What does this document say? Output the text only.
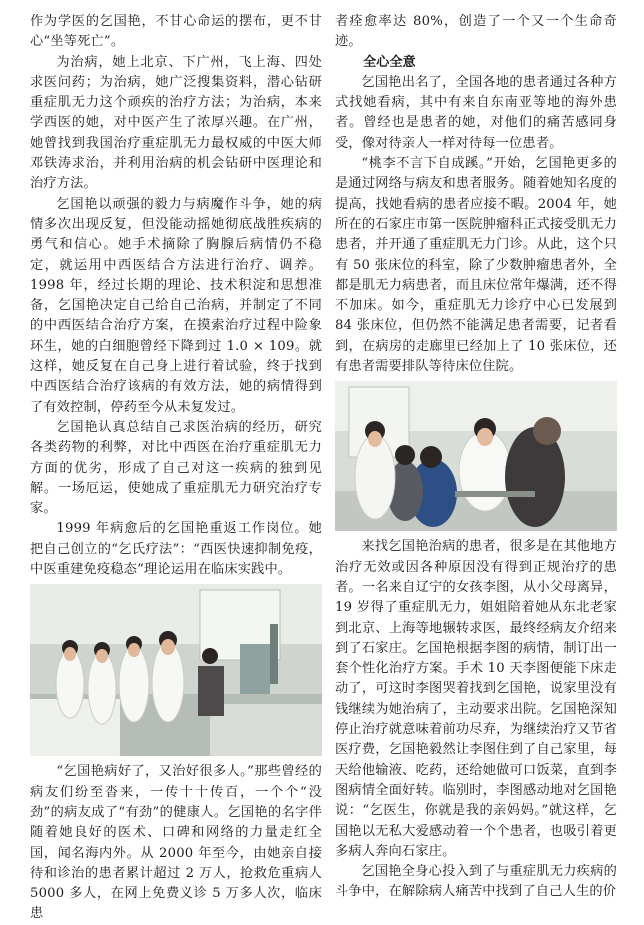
作为学医的乞国艳，不甘心命运的摆布，更不甘心“坐等死亡”。

为治病，她上北京、下广州，飞上海、四处求医问药；为治病，她广泛搜集资料，潜心钻研重症肌无力这个顽疾的治疗方法；为治病，本来学西医的她，对中医产生了浓厚兴趣。在广州，她曾找到我国治疗重症肌无力最权威的中医大师邓铁涛求治，并利用治病的机会钻研中医理论和治疗方法。

乞国艳以顽强的毅力与病魔作斗争，她的病情多次出现反复，但没能动摇她彻底战胜疾病的勇气和信心。她手术摘除了胸腺后病情仍不稳定，就运用中西医结合方法进行治疗、调养。1998 年，经过长期的理论、技术积淀和思想准备，乞国艳决定自己给自己治病，并制定了不同的中西医结合治疗方案，在摸索治疗过程中险象环生，她的白细胞曾经下降到过 1.0 × 109。就这样，她反复在自己身上进行着试验，终于找到中西医结合治疗该病的有效方法，她的病情得到了有效控制，停药至今从未复发过。

乞国艳认真总结自己求医治病的经历，研究各类药物的利弊，对比中西医在治疗重症肌无力方面的优劣，形成了自己对这一疾病的独到见解。一场厄运，使她成了重症肌无力研究治疗专家。

1999 年病愈后的乞国艳重返工作岗位。她把自己创立的“乞氏疗法”：“西医快速抑制免疫，中医重建免疫稳态”理论运用在临床实践中。

“乞国艳病好了，又治好很多人。”那些曾经的病友们纷至沓来，一传十十传百，一个个“没劲”的病友成了“有劲”的健康人。乞国艳的名字伴随着她良好的医术、口碑和网络的力量走红全国，闻名海内外。从 2000 年至今，由她亲自接待和诊治的患者累计超过 2 万人，抢救危重病人 5000 多人，在网上免费义诊 5 万多人次，临床患

者痊愈率达 80%，创造了一个又一个生命奇迹。

全心全意

乞国艳出名了，全国各地的患者通过各种方式找她看病，其中有来自东南亚等地的海外患者。曾经也是患者的她，对他们的痛苦感同身受，像对待亲人一样对待每一位患者。

“桃李不言下自成蹊。”开始，乞国艳更多的是通过网络与病友和患者服务。随着她知名度的提高，找她看病的患者应接不暇。2004 年，她所在的石家庄市第一医院肿瘤科正式接受肌无力患者，并开通了重症肌无力门诊。从此，这个只有 50 张床位的科室，除了少数肿瘤患者外，全都是肌无力病患者，而且床位常年爆满，还不得不加床。如今，重症肌无力诊疗中心已发展到 84 张床位，但仍然不能满足患者需要，记者看到，在病房的走廊里已经加上了 10 张床位，还有患者需要排队等待床位住院。

来找乞国艳治病的患者，很多是在其他地方治疗无效或因各种原因没有得到正规治疗的患者。一名来自辽宁的女孩李图，从小父母离异，19 岁得了重症肌无力，姐姐陪着她从东北老家到北京、上海等地辗转求医，最终经病友介绍来到了石家庄。乞国艳根据李图的病情，制订出一套个性化治疗方案。手术 10 天李图便能下床走动了，可这时李图哭着找到乞国艳，说家里没有钱继续为她治病了，主动要求出院。乞国艳深知停止治疗就意味着前功尽弃，为继续治疗又节省医疗费，乞国艳毅然让李图住到了自己家里，每天给他输液、吃药，还给她做可口饭菜，直到李图病情全面好转。临别时，李图感动地对乞国艳说：“乞医生，你就是我的亲妈妈。”就这样，乞国艳以无私大爱感动着一个个患者，也吸引着更多病人奔向石家庄。

乞国艳全身心投入到了与重症肌无力疾病的斗争中，在解除病人痛苦中找到了自己人生的价
